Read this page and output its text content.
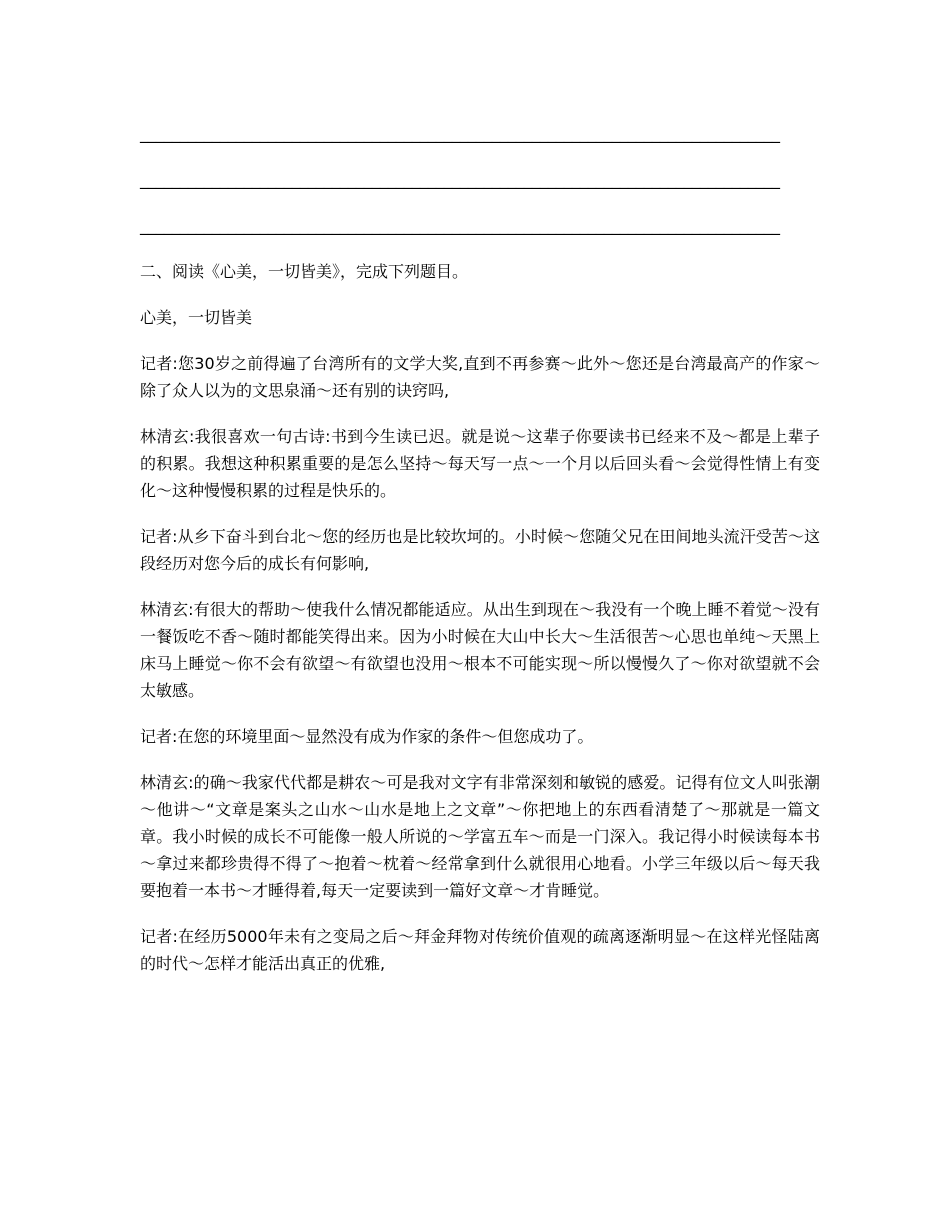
________________________________________________________________________________
________________________________________________________________________________
________________________________________________________________________________
二、阅读《心美，一切皆美》，完成下列题目。
心美，一切皆美
记者:您30岁之前得遍了台湾所有的文学大奖,直到不再参赛～此外～您还是台湾最高产的作家～除了众人以为的文思泉涌～还有别的诀窍吗,
林清玄:我很喜欢一句古诗:书到今生读已迟。就是说～这辈子你要读书已经来不及～都是上辈子的积累。我想这种积累重要的是怎么坚持～每天写一点～一个月以后回头看～会觉得性情上有变化～这种慢慢积累的过程是快乐的。
记者:从乡下奋斗到台北～您的经历也是比较坎坷的。小时候～您随父兄在田间地头流汗受苦～这段经历对您今后的成长有何影响,
林清玄:有很大的帮助～使我什么情况都能适应。从出生到现在～我没有一个晚上睡不着觉～没有一餐饭吃不香～随时都能笑得出来。因为小时候在大山中长大～生活很苦～心思也单纯～天黑上床马上睡觉～你不会有欲望～有欲望也没用～根本不可能实现～所以慢慢久了～你对欲望就不会太敏感。
记者:在您的环境里面～显然没有成为作家的条件～但您成功了。
林清玄:的确～我家代代都是耕农～可是我对文字有非常深刻和敏锐的感爱。记得有位文人叫张潮～他讲～“文章是案头之山水～山水是地上之文章”～你把地上的东西看清楚了～那就是一篇文章。我小时候的成长不可能像一般人所说的～学富五车～而是一门深入。我记得小时候读每本书～拿过来都珍贵得不得了～抱着～枕着～经常拿到什么就很用心地看。小学三年级以后～每天我要抱着一本书～才睡得着,每天一定要读到一篇好文章～才肯睡觉。
记者:在经历5000年未有之变局之后～拜金拜物对传统价值观的疏离逐渐明显～在这样光怪陆离的时代～怎样才能活出真正的优雅,
